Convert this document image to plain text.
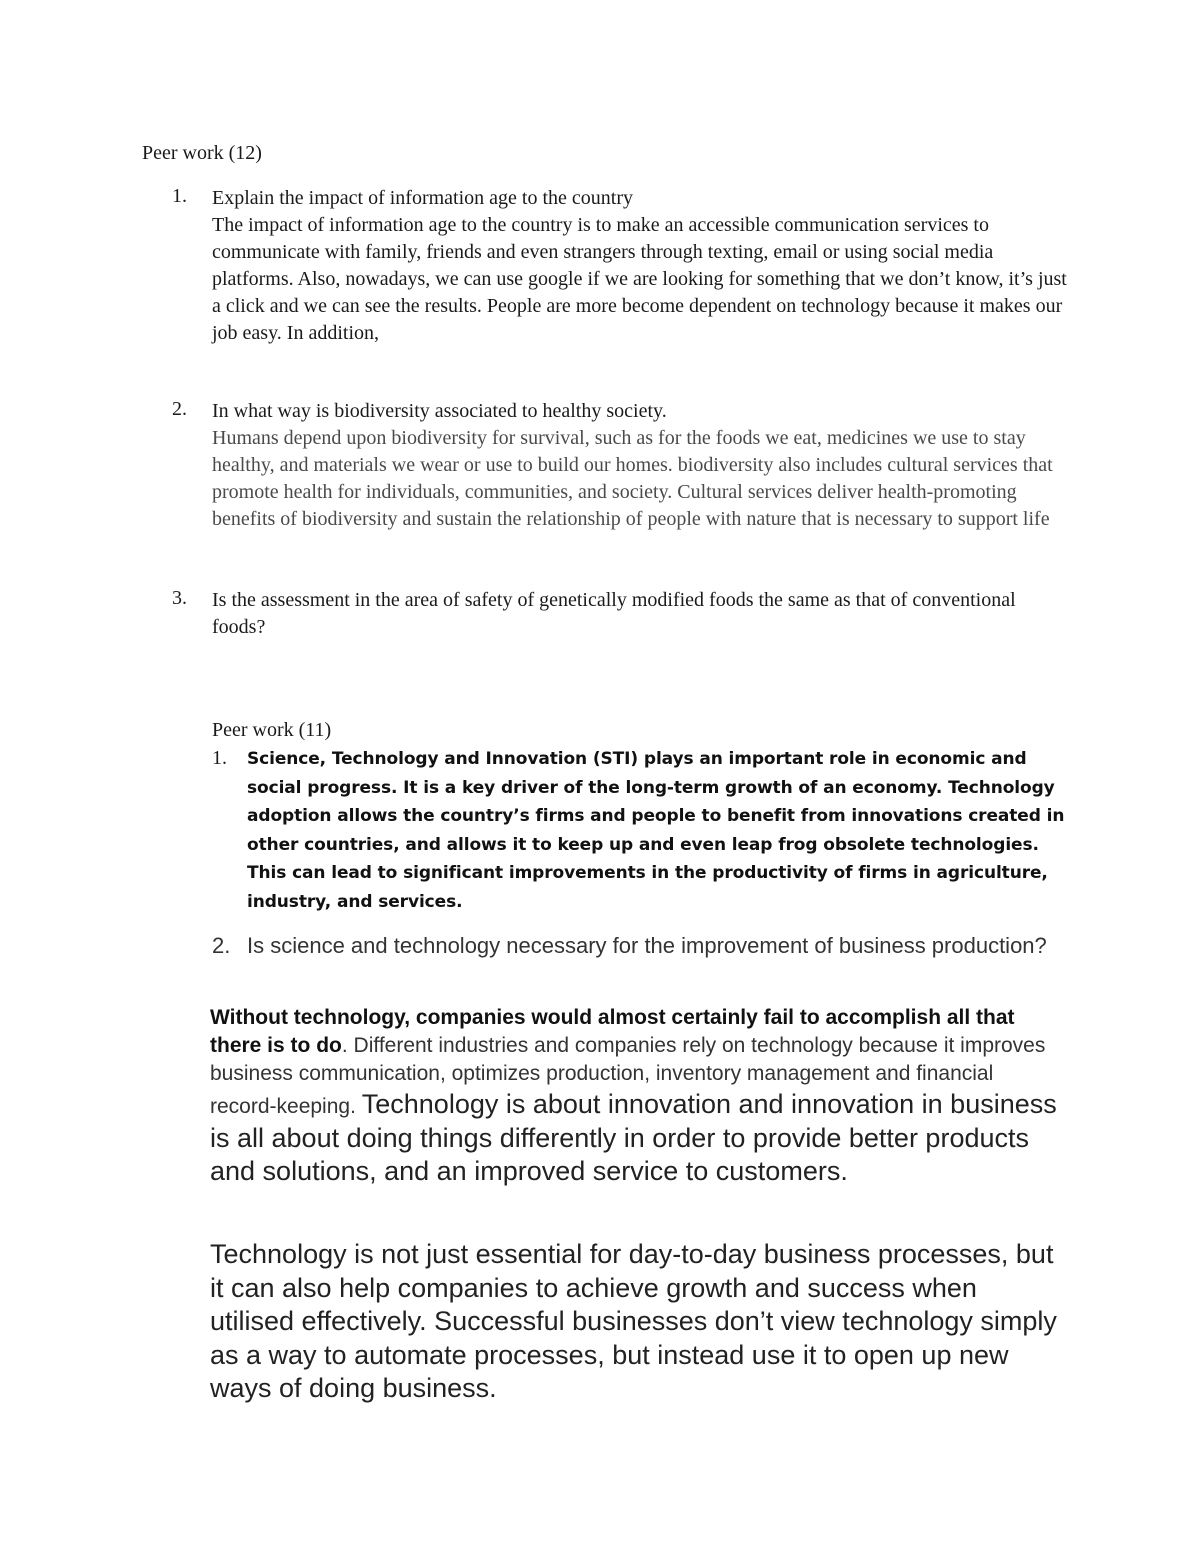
Peer work (12)
1.	Explain the impact of information age to the country
The impact of information age to the country is to make an accessible communication services to communicate with family, friends and even strangers through texting, email or using social media platforms. Also, nowadays, we can use google if we are looking for something that we don’t know, it’s just a click and we can see the results. People are more become dependent on technology because it makes our job easy. In addition,
2.	In what way is biodiversity associated to healthy society.
Humans depend upon biodiversity for survival, such as for the foods we eat, medicines we use to stay healthy, and materials we wear or use to build our homes. biodiversity also includes cultural services that promote health for individuals, communities, and society. Cultural services deliver health-promoting benefits of biodiversity and sustain the relationship of people with nature that is necessary to support life
3.	Is the assessment in the area of safety of genetically modified foods the same as that of conventional foods?
Peer work (11)
1. Science, Technology and Innovation (STI) plays an important role in economic and social progress. It is a key driver of the long-term growth of an economy. Technology adoption allows the country’s firms and people to benefit from innovations created in other countries, and allows it to keep up and even leap frog obsolete technologies. This can lead to significant improvements in the productivity of firms in agriculture, industry, and services.
2. Is science and technology necessary for the improvement of business production?
Without technology, companies would almost certainly fail to accomplish all that there is to do. Different industries and companies rely on technology because it improves business communication, optimizes production, inventory management and financial record-keeping. Technology is about innovation and innovation in business is all about doing things differently in order to provide better products and solutions, and an improved service to customers.
Technology is not just essential for day-to-day business processes, but it can also help companies to achieve growth and success when utilised effectively. Successful businesses don’t view technology simply as a way to automate processes, but instead use it to open up new ways of doing business.
